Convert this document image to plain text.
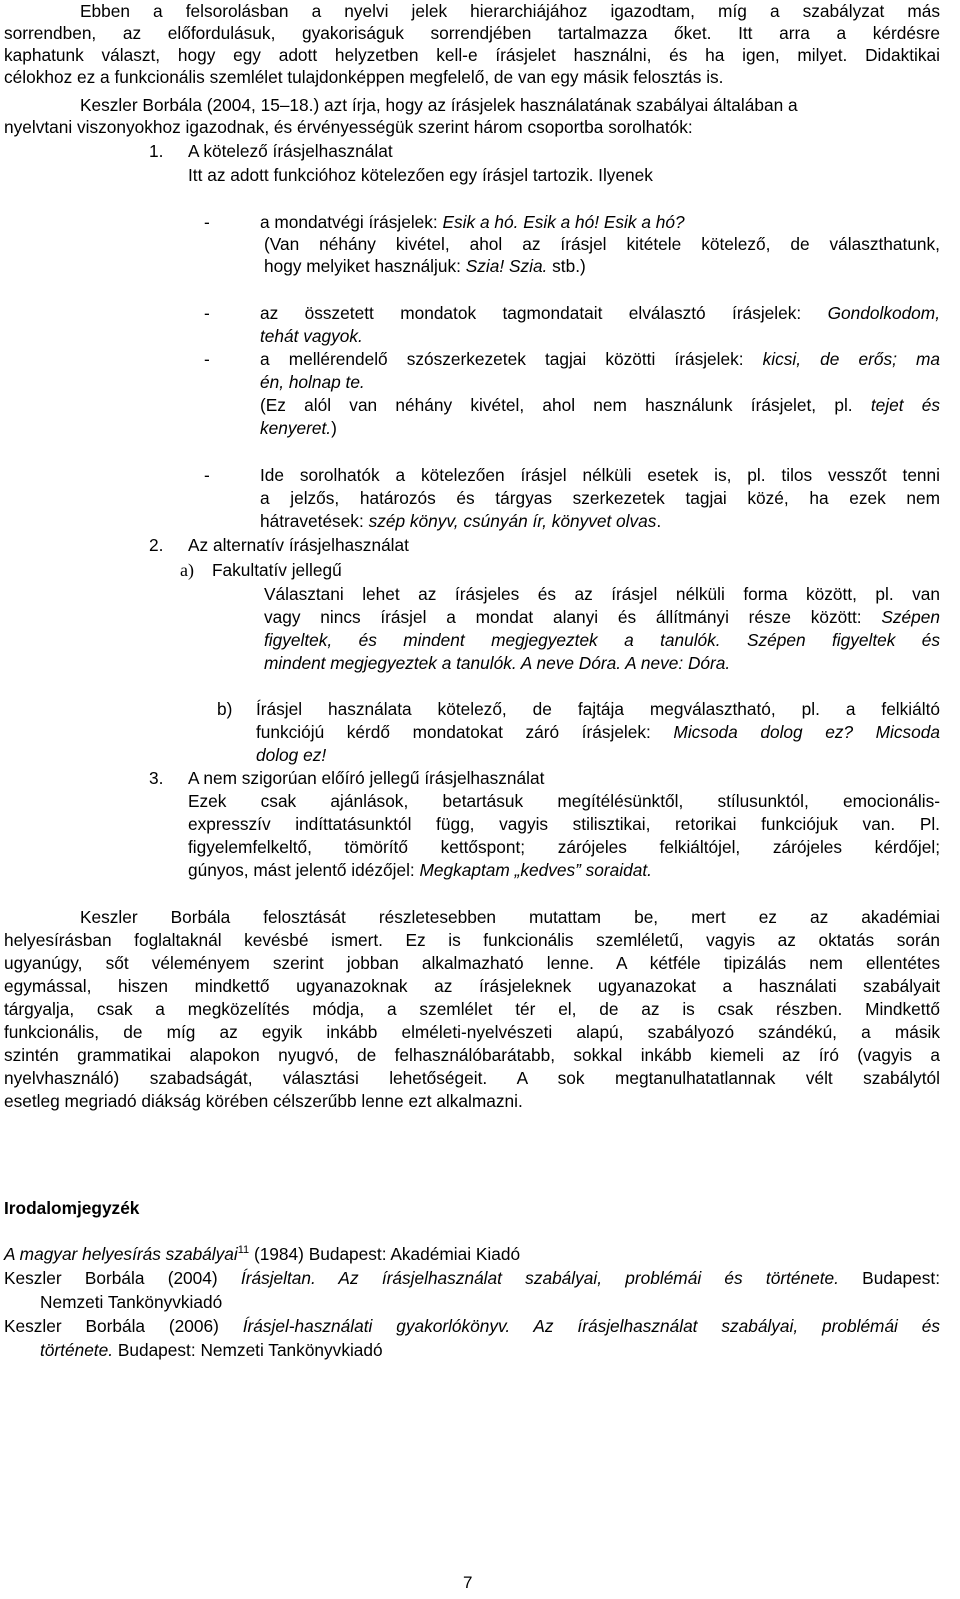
Ebben a felsorolásban a nyelvi jelek hierarchiájához igazodtam, míg a szabályzat más
sorrendben, az előfordulásuk, gyakoriságuk sorrendjében tartalmazza őket. Itt arra a kérdésre
kaphatunk választ, hogy egy adott helyzetben kell-e írásjelet használni, és ha igen, milyet. Didaktikai
célokhoz ez a funkcionális szemlélet tulajdonképpen megfelelő, de van egy másik felosztás is.
Keszler Borbála (2004, 15–18.) azt írja, hogy az írásjelek használatának szabályai általában a
nyelvtani viszonyokhoz igazodnak, és érvényességük szerint három csoportba sorolhatók:
1. A kötelező írásjelhasználat
Itt az adott funkcióhoz kötelezően egy írásjel tartozik. Ilyenek
-	a mondatvégi írásjelek: Esik a hó. Esik a hó! Esik a hó?
(Van néhány kivétel, ahol az írásjel kitétele kötelező, de választhatunk,
hogy melyiket használjuk: Szia! Szia. stb.)
-	az összetett mondatok tagmondatait elválasztó írásjelek: Gondolkodom,
tehát vagyok.
-	a mellérendelő szószerkezetek tagjai közötti írásjelek: kicsi, de erős; ma
én, holnap te.
(Ez alól van néhány kivétel, ahol nem használunk írásjelet, pl. tejet és
kenyeret.)
-	Ide sorolhatók a kötelezően írásjel nélküli esetek is, pl. tilos vesszőt tenni
a jelzős, határozós és tárgyas szerkezetek tagjai közé, ha ezek nem
hátravetések: szép könyv, csúnyán ír, könyvet olvas.
2. Az alternatív írásjelhasználat
a) Fakultatív jellegű
Választani lehet az írásjeles és az írásjel nélküli forma között, pl. van
vagy nincs írásjel a mondat alanyi és állítmányi része között: Szépen
figyeltek, és mindent megjegyeztek a tanulók. Szépen figyeltek és
mindent megjegyeztek a tanulók. A neve Dóra. A neve: Dóra.
b) Írásjel használata kötelező, de fajtája megválasztható, pl. a felkiáltó
funkciójú kérdő mondatokat záró írásjelek: Micsoda dolog ez? Micsoda
dolog ez!
3. A nem szigorúan előíró jellegű írásjelhasználat
Ezek csak ajánlások, betartásuk megítélésünktől, stílusunktól, emocionális-
expresszív indíttatásunktól függ, vagyis stilisztikai, retorikai funkciójuk van. Pl.
figyelemfelkeltő, tömörítő kettőspont; zárójeles felkiáltójel, zárójeles kérdőjel;
gúnyos, mást jelentő idézőjel: Megkaptam „kedves” soraidat.
Keszler Borbála felosztását részletesebben mutattam be, mert ez az akadémiai
helyesírásban foglaltaknál kevésbé ismert. Ez is funkcionális szemléletű, vagyis az oktatás során
ugyanúgy, sőt véleményem szerint jobban alkalmazható lenne. A kétféle tipizálás nem ellentétes
egymással, hiszen mindkettő ugyanazoknak az írásjeleknek ugyanazokat a használati szabályait
tárgyalja, csak a megközelítés módja, a szemlélet tér el, de az is csak részben. Mindkettő
funkcionális, de míg az egyik inkább elméleti-nyelvészeti alapú, szabályozó szándékú, a másik
szintén grammatikai alapokon nyugvó, de felhasználóbarátabb, sokkal inkább kiemeli az író (vagyis a
nyelvhasználó) szabadságát, választási lehetőségeit. A sok megtanulhatatlannak vélt szabálytól
esetleg megriadó diákság körében célszerűbb lenne ezt alkalmazni.
Irodalomjegyzék
A magyar helyesírás szabályai$^{11}$ (1984) Budapest: Akadémiai Kiadó
Keszler Borbála (2004) Írásjeltan. Az írásjelhasználat szabályai, problémái és története. Budapest:
Nemzeti Tankönyvkiadó
Keszler Borbála (2006) Írásjel-használati gyakorlókönyv. Az írásjelhasználat szabályai, problémái és
története. Budapest: Nemzeti Tankönyvkiadó
7
